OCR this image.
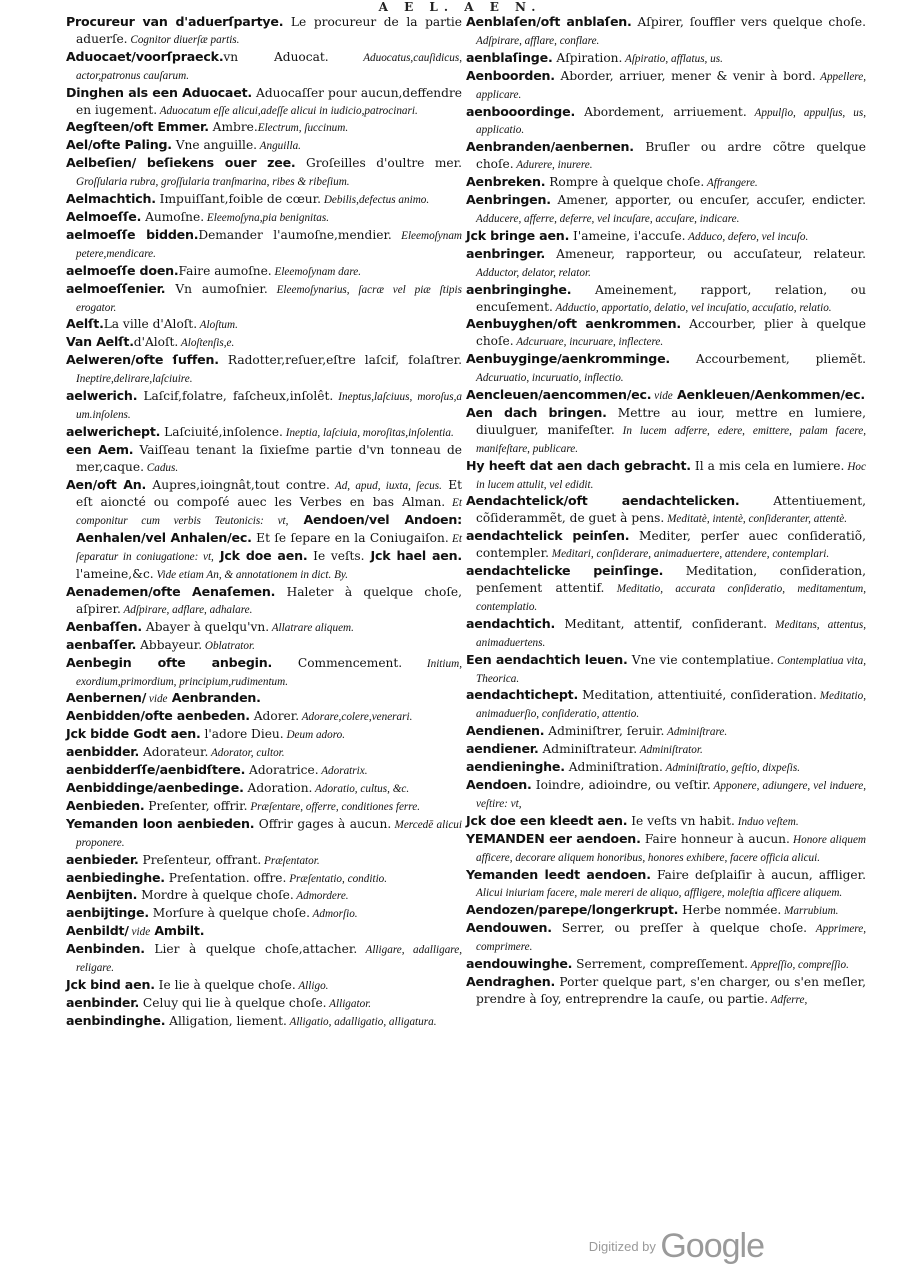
A E L. A E N.

Procureur van d'aduerſpartye. Le procureur de la partie aduerſe. Cognitor diuerſæ partis.

Aduocaet/voorſpraeck.vn Aduocat. Aduocatus,cauſidicus, actor,patronus cauſarum.

Dinghen als een Aduocaet. Aduocaſſer pour aucun,deffendre en iugement. Aduocatum eſſe alicui,adeſſe alicui in iudicio,patrocinari.

Aegſteen/oft Emmer. Ambre.Electrum, ſuccinum.

Ael/ofte Paling. Vne anguille. Anguilla.

Aelbeſien/ beſiekens ouer zee. Groſeilles d'oultre mer. Groſſularia rubra, groſſularia tranſmarina, ribes & ribeſium.

Aelmachtich. Impuiſſant,foible de cœur. Debilis,defectus animo.

Aelmoeſſe. Aumoſne. Eleemoſyna,pia benignitas.

aelmoeſſe bidden.Demander l'aumoſne,mendier. Eleemoſynam petere,mendicare.

aelmoeſſe doen.Faire aumoſne. Eleemoſynam dare.

aelmoeſſenier. Vn aumoſnier. Eleemoſynarius, ſacræ vel piæ ſtipis erogator.

Aelſt.La ville d'Aloſt. Aloſtum.

Van Aelſt.d'Aloſt. Aloſtenſis,e.

Aelweren/ofte ſuffen. Radotter,reſuer,eſtre laſcif, folaſtrer. Ineptire,delirare,laſciuire.

aelwerich. Laſcif,folatre, faſcheux,inſolêt. Ineptus,laſciuus, moroſus,a um.inſolens.

aelwerichept. Laſciuité,inſolence. Ineptia, laſciuia, moroſitas,inſolentia.

een Aem. Vaiſſeau tenant la ſixieſme partie d'vn tonneau de mer,caque. Cadus.

Aen/oft An. Aupres,ioingnât,tout contre. Ad, apud, iuxta, ſecus. Et eſt aioncté ou compoſé auec les Verbes en bas Alman. Et componitur cum verbis Teutonicis: vt, Aendoen/vel Andoen: Aenhalen/vel Anhalen/ec. Et ſe ſepare en la Coniugaiſon. Et ſeparatur in coniugatione: vt, Jck doe aen. Ie veſts. Jck hael aen. l'ameine,&c. Vide etiam An, & annotationem in dict. By.

Aenademen/ofte Aenaſemen. Haleter à quelque choſe, aſpirer. Adſpirare, adflare, adhalare.

Aenbaſſen. Abayer à quelqu'vn. Allatrare aliquem.

aenbaſſer. Abbayeur. Oblatrator.

Aenbegin ofte anbegin. Commencement. Initium, exordium,primordium, principium,rudimentum.

Aenbernen/ vide Aenbranden.

Aenbidden/ofte aenbeden. Adorer. Adorare,colere,venerari.

Jck bidde Godt aen. l'adore Dieu. Deum adoro.

aenbidder. Adorateur. Adorator, cultor.

aenbidderſſe/aenbidſtere. Adoratrice. Adoratrix.

Aenbiddinge/aenbedinge. Adoration. Adoratio, cultus, &c.

Aenbieden. Preſenter, offrir. Præſentare, offerre, conditiones ferre.

Yemanden loon aenbieden. Offrir gages à aucun. Mercedē alicui proponere.

aenbieder. Preſenteur, offrant. Præſentator.

aenbiedinghe. Preſentation. offre. Præſentatio, conditio.

Aenbijten. Mordre à quelque choſe. Admordere.

aenbijtinge. Morſure à quelque choſe. Admorſio.

Aenbildt/ vide Ambilt.

Aenbinden. Lier à quelque choſe,attacher. Alligare, adalligare, religare.

Jck bind aen. Ie lie à quelque choſe. Alligo.

aenbinder. Celuy qui lie à quelque choſe. Alligator.

aenbindinghe. Alligation, liement. Alligatio, adalligatio, alligatura.

Aenblaſen/oft anblaſen. Aſpirer, ſouffler vers quelque choſe. Adſpirare, afflare, conflare.

aenblaſinge. Aſpiration. Aſpiratio, afflatus, us.

Aenboorden. Aborder, arriuer, mener & venir à bord. Appellere, applicare.

aenbooordinge. Abordement, arriuement. Appulſio, appulſus, us, applicatio.

Aenbranden/aenbernen. Bruſler ou ardre cõtre quelque choſe. Adurere, inurere.

Aenbreken. Rompre à quelque choſe. Affrangere.

Aenbringen. Amener, apporter, ou encuſer, accuſer, endicter. Adducere, afferre, deferre, vel incuſare, accuſare, indicare.

Jck bringe aen. I'ameine, i'accuſe. Adduco, defero, vel incuſo.

aenbringer. Ameneur, rapporteur, ou accuſateur, relateur. Adductor, delator, relator.

aenbringinghe. Ameinement, rapport, relation, ou encuſement. Adductio, apportatio, delatio, vel incuſatio, accuſatio, relatio.

Aenbuyghen/oft aenkrommen. Accourber, plier à quelque choſe. Adcuruare, incuruare, inflectere.

Aenbuyginge/aenkromminge. Accourbement, pliemẽt. Adcuruatio, incuruatio, inflectio.

Aencleuen/aencommen/ec. vide Aenkleuen/Aenkommen/ec.

Aen dach bringen. Mettre au iour, mettre en lumiere, diuulguer, manifeſter. In lucem adferre, edere, emittere, palam facere, manifeſtare, publicare.

Hy heeft dat aen dach gebracht. Il a mis cela en lumiere. Hoc in lucem attulit, vel edidit.

Aendachtelick/oft aendachtelicken. Attentiuement, cõſiderammẽt, de guet à pens. Meditatè, intentè, conſideranter, attentè.

aendachtelick peinſen. Mediter, perſer auec conſideratiõ, contempler. Meditari, conſiderare, animaduertere, attendere, contemplari.

aendachtelicke peinſinge. Meditation, conſideration, penſement attentif. Meditatio, accurata conſideratio, meditamentum, contemplatio.

aendachtich. Meditant, attentif, conſiderant. Meditans, attentus, animaduertens.

Een aendachtich leuen. Vne vie contemplatiue. Contemplatiua vita, Theorica.

aendachtichept. Meditation, attentiuité, conſideration. Meditatio, animaduerſio, conſideratio, attentio.

Aendienen. Adminiſtrer, ſeruir. Adminiſtrare.

aendiener. Adminiſtrateur. Adminiſtrator.

aendieninghe. Adminiſtration. Adminiſtratio, geſtio, dixpeſis.

Aendoen. Ioindre, adioindre, ou veſtir. Apponere, adiungere, vel induere, veſtire: vt,

Jck doe een kleedt aen. Ie veſts vn habit. Induo veſtem.

YEMANDEN eer aendoen. Faire honneur à aucun. Honore aliquem afficere, decorare aliquem honoribus, honores exhibere, facere officia alicui.

Yemanden leedt aendoen. Faire deſplaiſir à aucun, affliger. Alicui iniuriam facere, male mereri de aliquo, affligere, moleſtia afficere aliquem.

Aendozen/parepe/longerkrupt. Herbe nommée. Marrubium.

Aendouwen. Serrer, ou preſſer à quelque choſe. Apprimere, comprimere.

aendouwinghe. Serrement, compreſſement. Appreſſio, compreſſio.

Aendraghen. Porter quelque part, s'en charger, ou s'en meſler, prendre à ſoy, entreprendre la cauſe, ou partie. Adferre,

Digitized by Google
